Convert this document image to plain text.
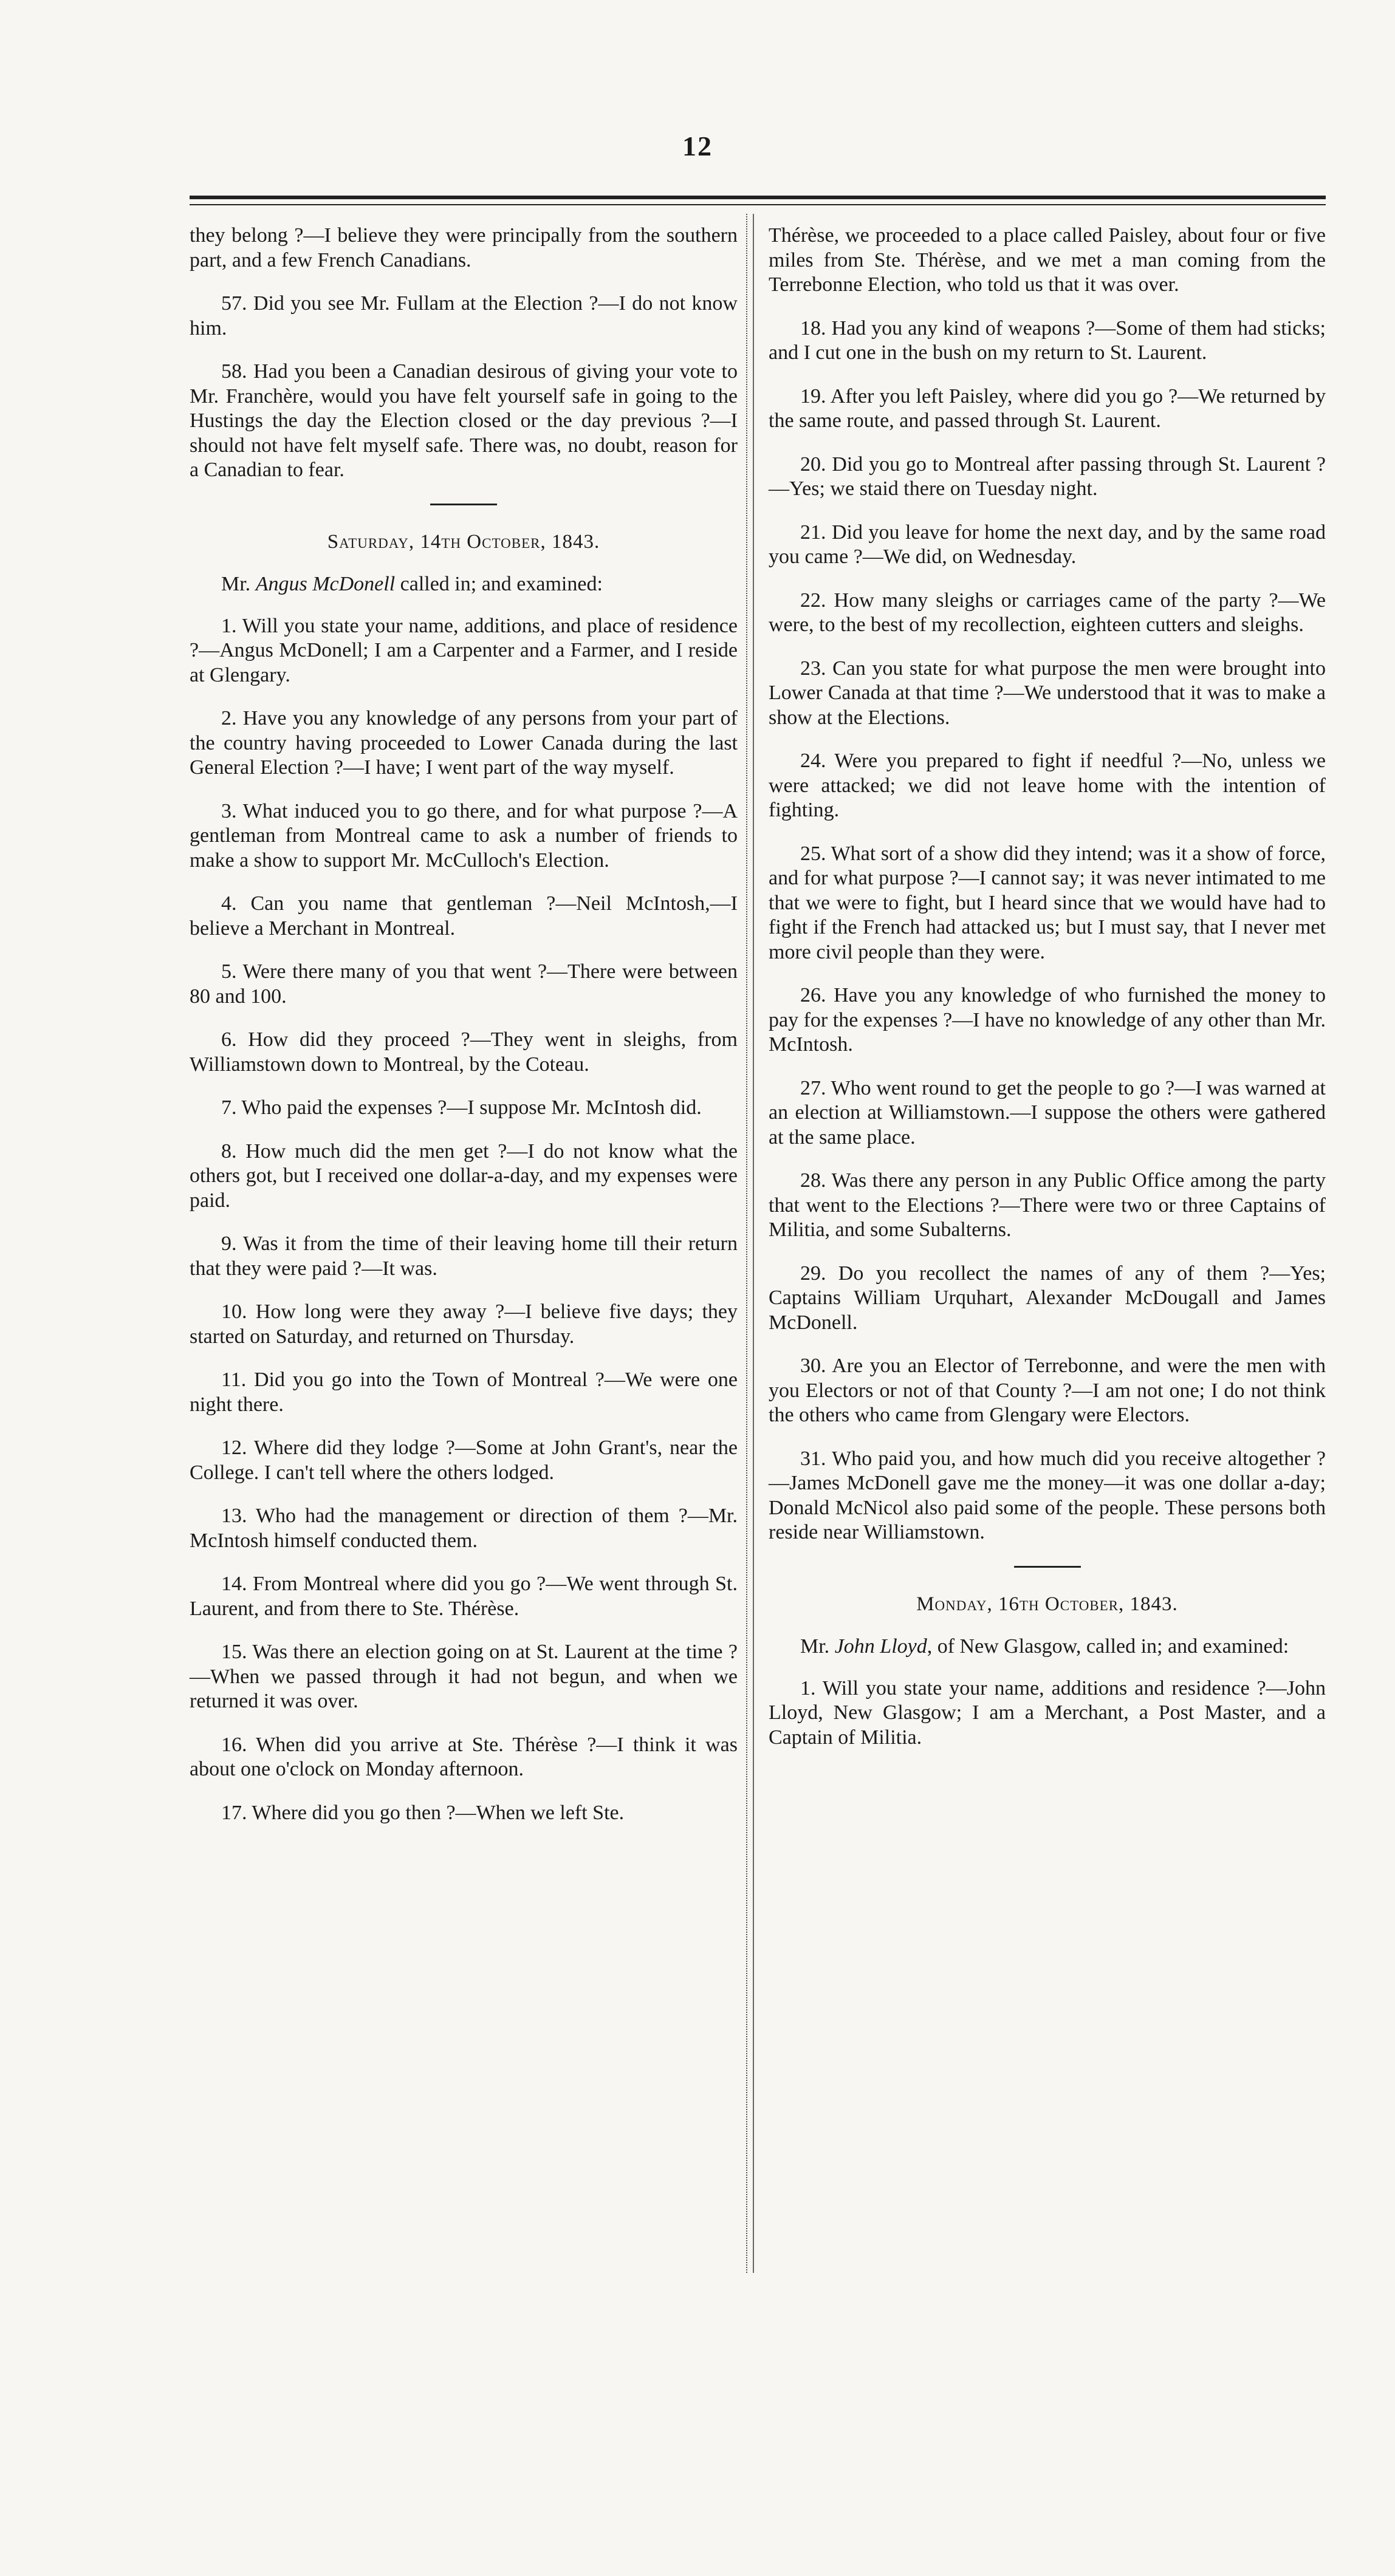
12

they belong ?—I believe they were principally from the southern part, and a few French Canadians.

57. Did you see Mr. Fullam at the Election ?—I do not know him.

58. Had you been a Canadian desirous of giving your vote to Mr. Franchère, would you have felt yourself safe in going to the Hustings the day the Election closed or the day previous ?—I should not have felt myself safe. There was, no doubt, reason for a Canadian to fear.

Saturday, 14th October, 1843.

Mr. Angus McDonell called in; and examined:

1. Will you state your name, additions, and place of residence ?—Angus McDonell; I am a Carpenter and a Farmer, and I reside at Glengary.

2. Have you any knowledge of any persons from your part of the country having proceeded to Lower Canada during the last General Election ?—I have; I went part of the way myself.

3. What induced you to go there, and for what purpose ?—A gentleman from Montreal came to ask a number of friends to make a show to support Mr. McCulloch's Election.

4. Can you name that gentleman ?—Neil McIntosh,—I believe a Merchant in Montreal.

5. Were there many of you that went ?—There were between 80 and 100.

6. How did they proceed ?—They went in sleighs, from Williamstown down to Montreal, by the Coteau.

7. Who paid the expenses ?—I suppose Mr. McIntosh did.

8. How much did the men get ?—I do not know what the others got, but I received one dollar-a-day, and my expenses were paid.

9. Was it from the time of their leaving home till their return that they were paid ?—It was.

10. How long were they away ?—I believe five days; they started on Saturday, and returned on Thursday.

11. Did you go into the Town of Montreal ?—We were one night there.

12. Where did they lodge ?—Some at John Grant's, near the College. I can't tell where the others lodged.

13. Who had the management or direction of them ?—Mr. McIntosh himself conducted them.

14. From Montreal where did you go ?—We went through St. Laurent, and from there to Ste. Thérèse.

15. Was there an election going on at St. Laurent at the time ?—When we passed through it had not begun, and when we returned it was over.

16. When did you arrive at Ste. Thérèse ?—I think it was about one o'clock on Monday afternoon.

17. Where did you go then ?—When we left Ste.

Thérèse, we proceeded to a place called Paisley, about four or five miles from Ste. Thérèse, and we met a man coming from the Terrebonne Election, who told us that it was over.

18. Had you any kind of weapons ?—Some of them had sticks; and I cut one in the bush on my return to St. Laurent.

19. After you left Paisley, where did you go ?—We returned by the same route, and passed through St. Laurent.

20. Did you go to Montreal after passing through St. Laurent ?—Yes; we staid there on Tuesday night.

21. Did you leave for home the next day, and by the same road you came ?—We did, on Wednesday.

22. How many sleighs or carriages came of the party ?—We were, to the best of my recollection, eighteen cutters and sleighs.

23. Can you state for what purpose the men were brought into Lower Canada at that time ?—We understood that it was to make a show at the Elections.

24. Were you prepared to fight if needful ?—No, unless we were attacked; we did not leave home with the intention of fighting.

25. What sort of a show did they intend; was it a show of force, and for what purpose ?—I cannot say; it was never intimated to me that we were to fight, but I heard since that we would have had to fight if the French had attacked us; but I must say, that I never met more civil people than they were.

26. Have you any knowledge of who furnished the money to pay for the expenses ?—I have no knowledge of any other than Mr. McIntosh.

27. Who went round to get the people to go ?—I was warned at an election at Williamstown.—I suppose the others were gathered at the same place.

28. Was there any person in any Public Office among the party that went to the Elections ?—There were two or three Captains of Militia, and some Subalterns.

29. Do you recollect the names of any of them ?—Yes; Captains William Urquhart, Alexander McDougall and James McDonell.

30. Are you an Elector of Terrebonne, and were the men with you Electors or not of that County ?—I am not one; I do not think the others who came from Glengary were Electors.

31. Who paid you, and how much did you receive altogether ?—James McDonell gave me the money—it was one dollar a-day; Donald McNicol also paid some of the people. These persons both reside near Williamstown.

Monday, 16th October, 1843.

Mr. John Lloyd, of New Glasgow, called in; and examined:

1. Will you state your name, additions and residence ?—John Lloyd, New Glasgow; I am a Merchant, a Post Master, and a Captain of Militia.
